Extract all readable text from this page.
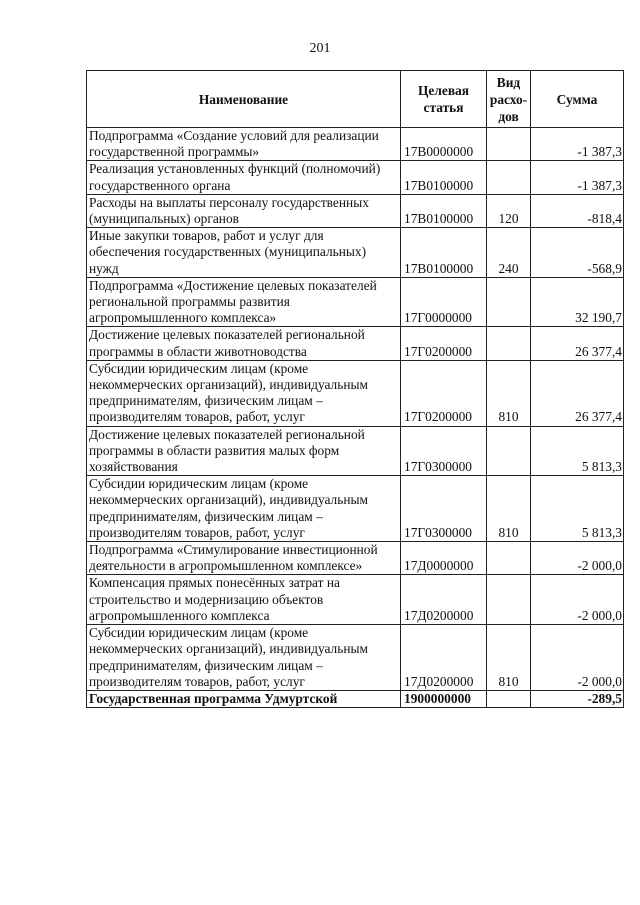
201
Наименование	Целевая статья	Вид расхо-дов	Сумма
Подпрограмма «Создание условий для реализации государственной программы»	17В0000000		-1 387,3
Реализация установленных функций (полномочий) государственного органа	17В0100000		-1 387,3
Расходы на выплаты персоналу государственных (муниципальных) органов	17В0100000	120	-818,4
Иные закупки товаров, работ и услуг для обеспечения государственных (муниципальных) нужд	17В0100000	240	-568,9
Подпрограмма «Достижение целевых показателей региональной программы развития агропромышленного комплекса»	17Г0000000		32 190,7
Достижение целевых показателей региональной программы в области животноводства	17Г0200000		26 377,4
Субсидии юридическим лицам (кроме некоммерческих организаций), индивидуальным предпринимателям, физическим лицам – производителям товаров, работ, услуг	17Г0200000	810	26 377,4
Достижение целевых показателей региональной программы в области развития малых форм хозяйствования	17Г0300000		5 813,3
Субсидии юридическим лицам (кроме некоммерческих организаций), индивидуальным предпринимателям, физическим лицам – производителям товаров, работ, услуг	17Г0300000	810	5 813,3
Подпрограмма «Стимулирование инвестиционной деятельности в агропромышленном комплексе»	17Д0000000		-2 000,0
Компенсация прямых понесённых затрат на строительство и модернизацию объектов агропромышленного комплекса	17Д0200000		-2 000,0
Субсидии юридическим лицам (кроме некоммерческих организаций), индивидуальным предпринимателям, физическим лицам – производителям товаров, работ, услуг	17Д0200000	810	-2 000,0
Государственная программа Удмуртской	1900000000		-289,5
